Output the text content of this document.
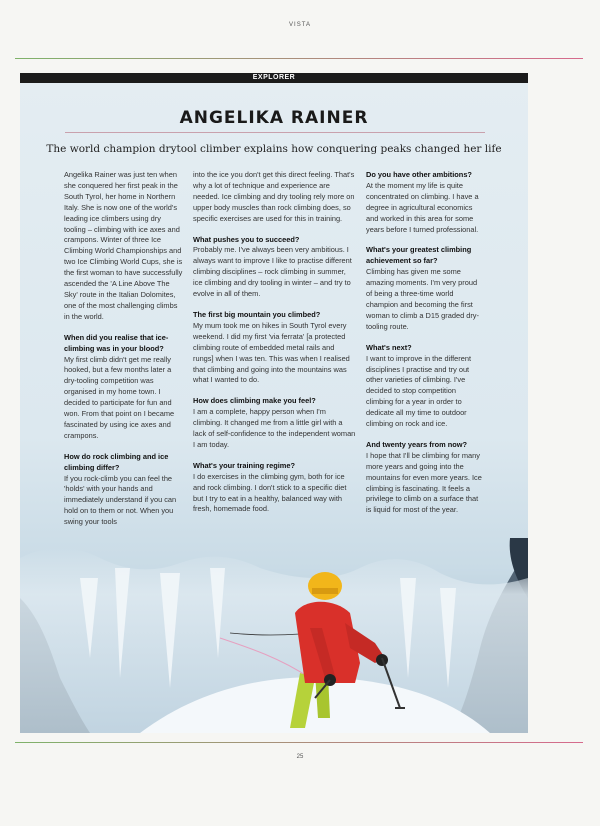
VISTA
EXPLORER
ANGELIKA RAINER
The world champion drytool climber explains how conquering peaks changed her life

Angelika Rainer was just ten when she conquered her first peak in the South Tyrol, her home in Northern Italy. She is now one of the world's leading ice climbers using dry tooling – climbing with ice axes and crampons. Winter of three Ice Climbing World Championships and two Ice Climbing World Cups, she is the first woman to have successfully ascended the 'A Line Above The Sky' route in the Italian Dolomites, one of the most challenging climbs in the world.

When did you realise that ice-climbing was in your blood?

My first climb didn't get me really hooked, but a few months later a dry-tooling competition was organised in my home town. I decided to participate for fun and won. From that point on I became fascinated by using ice axes and crampons.

How do rock climbing and ice climbing differ?

If you rock-climb you can feel the 'holds' with your hands and immediately understand if you can hold on to them or not. When you swing your tools

into the ice you don't get this direct feeling. That's why a lot of technique and experience are needed. Ice climbing and dry tooling rely more on upper body muscles than rock climbing does, so specific exercises are used for this in training.

What pushes you to succeed?

Probably me. I've always been very ambitious. I always want to improve I like to practise different climbing disciplines – rock climbing in summer, ice climbing and dry tooling in winter – and try to evolve in all of them.

The first big mountain you climbed?

My mum took me on hikes in South Tyrol every weekend. I did my first 'via ferrata' [a protected climbing route of embedded metal rails and rungs] when I was ten. This was when I realised that climbing and going into the mountains was what I wanted to do.

How does climbing make you feel?

I am a complete, happy person when I'm climbing. It changed me from a little girl with a lack of self-confidence to the independent woman I am today.

What's your training regime?

I do exercises in the climbing gym, both for ice and rock climbing. I don't stick to a specific diet but I try to eat in a healthy, balanced way with fresh, homemade food.

Do you have other ambitions?

At the moment my life is quite concentrated on climbing. I have a degree in agricultural economics and worked in this area for some years before I turned professional.

What's your greatest climbing achievement so far?

Climbing has given me some amazing moments. I'm very proud of being a three-time world champion and becoming the first woman to climb a D15 graded dry-tooling route.

What's next?

I want to improve in the different disciplines I practise and try out other varieties of climbing. I've decided to stop competition climbing for a year in order to dedicate all my time to outdoor climbing on rock and ice.

And twenty years from now?

I hope that I'll be climbing for many more years and going into the mountains for even more years. Ice climbing is fascinating. It feels a privilege to climb on a surface that is liquid for most of the year.

25
